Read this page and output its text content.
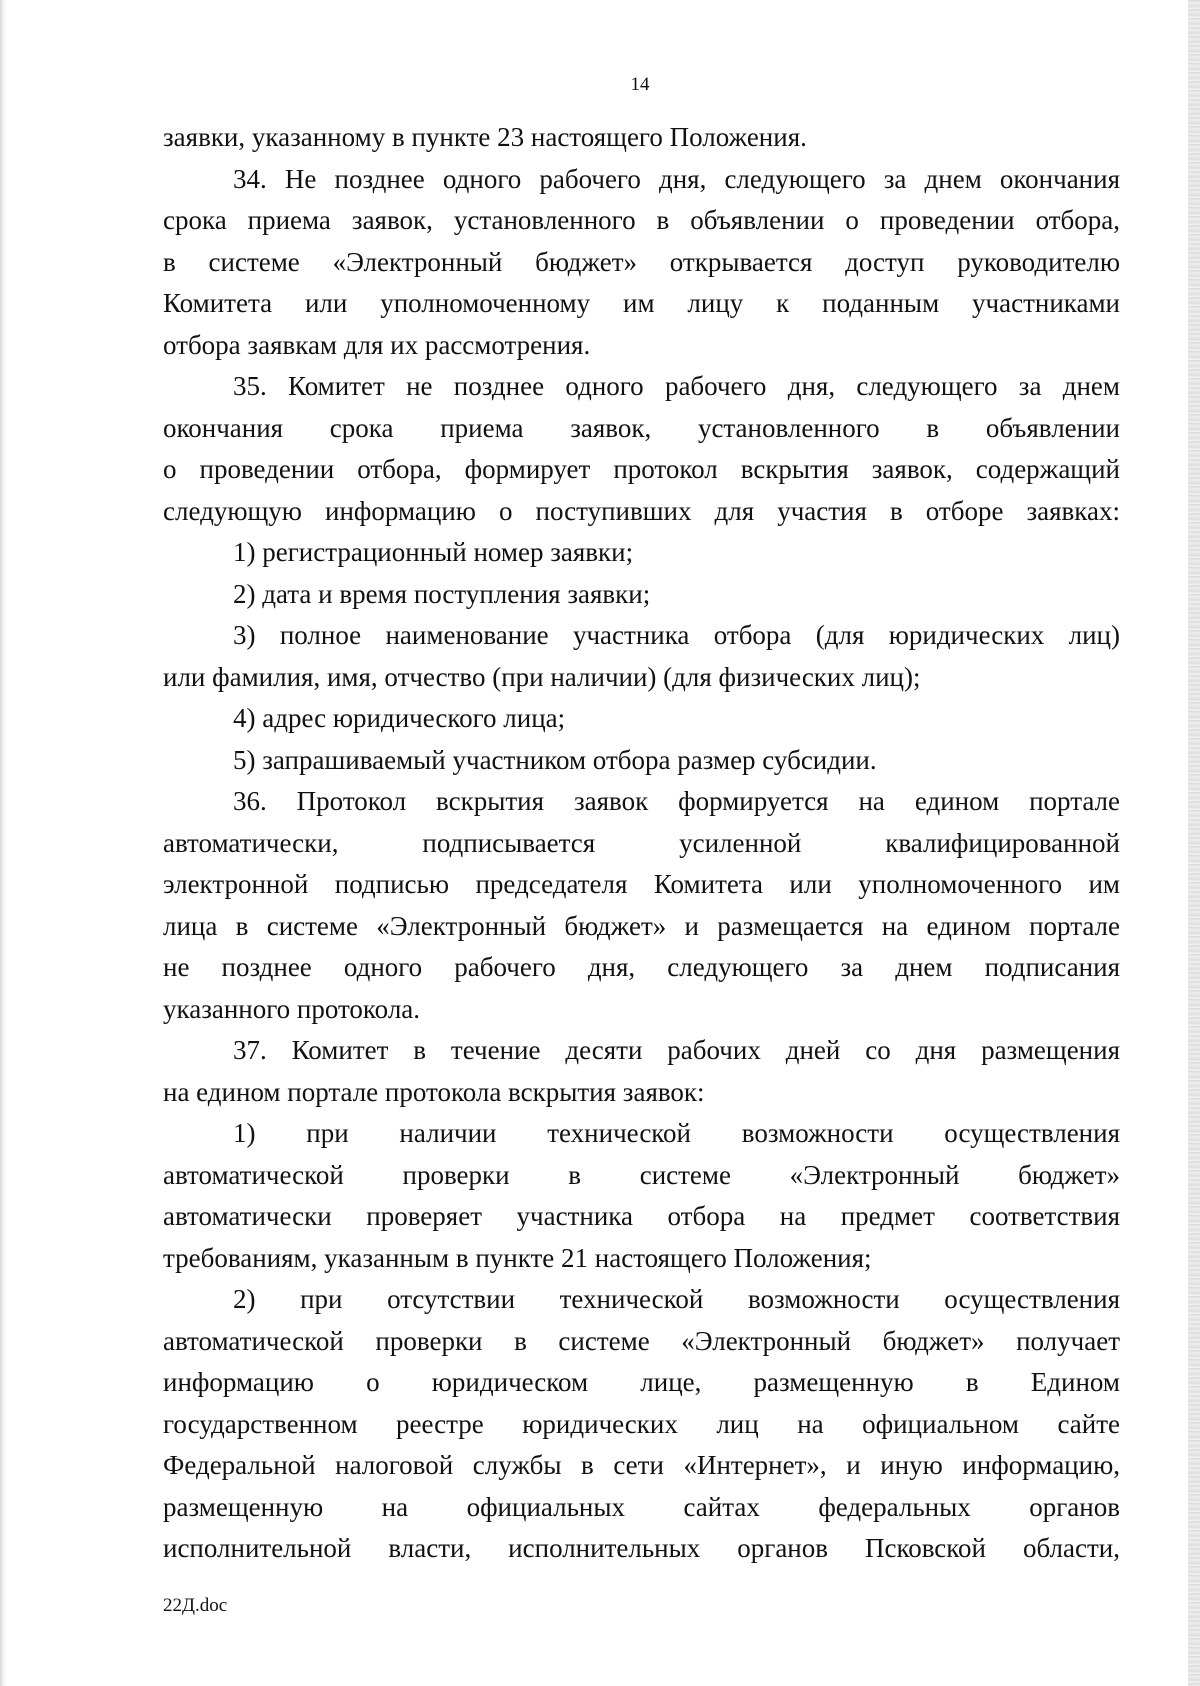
14
заявки, указанному в пункте 23 настоящего Положения.
34. Не позднее одного рабочего дня, следующего за днем окончания
срока приема заявок, установленного в объявлении о проведении отбора,
в системе «Электронный бюджет» открывается доступ руководителю
Комитета или уполномоченному им лицу к поданным участниками
отбора заявкам для их рассмотрения.
35. Комитет не позднее одного рабочего дня, следующего за днем
окончания срока приема заявок, установленного в объявлении
о проведении отбора, формирует протокол вскрытия заявок, содержащий
следующую информацию о поступивших для участия в отборе заявках:
1) регистрационный номер заявки;
2) дата и время поступления заявки;
3) полное наименование участника отбора (для юридических лиц)
или фамилия, имя, отчество (при наличии) (для физических лиц);
4) адрес юридического лица;
5) запрашиваемый участником отбора размер субсидии.
36. Протокол вскрытия заявок формируется на едином портале
автоматически, подписывается усиленной квалифицированной
электронной подписью председателя Комитета или уполномоченного им
лица в системе «Электронный бюджет» и размещается на едином портале
не позднее одного рабочего дня, следующего за днем подписания
указанного протокола.
37. Комитет в течение десяти рабочих дней со дня размещения
на едином портале протокола вскрытия заявок:
1) при наличии технической возможности осуществления
автоматической проверки в системе «Электронный бюджет»
автоматически проверяет участника отбора на предмет соответствия
требованиям, указанным в пункте 21 настоящего Положения;
2) при отсутствии технической возможности осуществления
автоматической проверки в системе «Электронный бюджет» получает
информацию о юридическом лице, размещенную в Едином
государственном реестре юридических лиц на официальном сайте
Федеральной налоговой службы в сети «Интернет», и иную информацию,
размещенную на официальных сайтах федеральных органов
исполнительной власти, исполнительных органов Псковской области,
22Д.doc
